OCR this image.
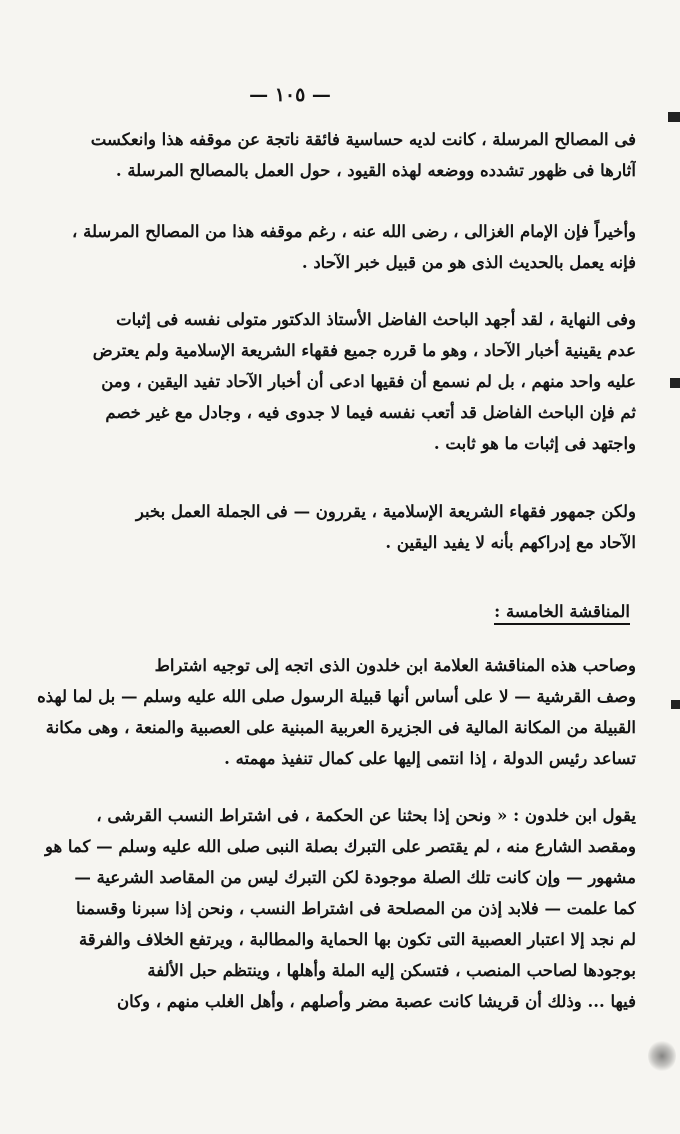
— ١٠٥ —
فى المصالح المرسلة ، كانت لديه حساسية فائقة ناتجة عن موقفه هذا وانعكست
آثارها فى ظهور تشدده ووضعه لهذه القيود ، حول العمل بالمصالح المرسلة .
وأخيراً فإن الإمام الغزالى ، رضى الله عنه ، رغم موقفه هذا من المصالح المرسلة ،
فإنه يعمل بالحديث الذى هو من قبيل خبر الآحاد .
وفى النهاية ، لقد أجهد الباحث الفاضل الأستاذ الدكتور متولى نفسه فى إثبات
عدم يقينية أخبار الآحاد ، وهو ما قرره جميع فقهاء الشريعة الإسلامية ولم يعترض
عليه واحد منهم ، بل لم نسمع أن فقيها ادعى أن أخبار الآحاد تفيد اليقين ، ومن
ثم فإن الباحث الفاضل قد أتعب نفسه فيما لا جدوى فيه ، وجادل مع غير خصم
واجتهد فى إثبات ما هو ثابت .
ولكن جمهور فقهاء الشريعة الإسلامية ، يقررون — فى الجملة العمل بخبر
الآحاد مع إدراكهم بأنه لا يفيد اليقين .
المناقشة الخامسة :
وصاحب هذه المناقشة العلامة ابن خلدون الذى اتجه إلى توجيه اشتراط
وصف القرشية — لا على أساس أنها قبيلة الرسول صلى الله عليه وسلم — بل لما لهذه
القبيلة من المكانة المالية فى الجزيرة العربية المبنية على العصبية والمنعة ، وهى مكانة
تساعد رئيس الدولة ، إذا انتمى إليها على كمال تنفيذ مهمته .
يقول ابن خلدون : « ونحن إذا بحثنا عن الحكمة ، فى اشتراط النسب القرشى ،
ومقصد الشارع منه ، لم يقتصر على التبرك بصلة النبى صلى الله عليه وسلم — كما هو
مشهور — وإن كانت تلك الصلة موجودة لكن التبرك ليس من المقاصد الشرعية —
كما علمت — فلابد إذن من المصلحة فى اشتراط النسب ، ونحن إذا سبرنا وقسمنا
لم نجد إلا اعتبار العصبية التى تكون بها الحماية والمطالبة ، ويرتفع الخلاف والفرقة
بوجودها لصاحب المنصب ، فتسكن إليه الملة وأهلها ، وينتظم حبل الألفة
فيها ... وذلك أن قريشا كانت عصبة مضر وأصلهم ، وأهل الغلب منهم ، وكان
